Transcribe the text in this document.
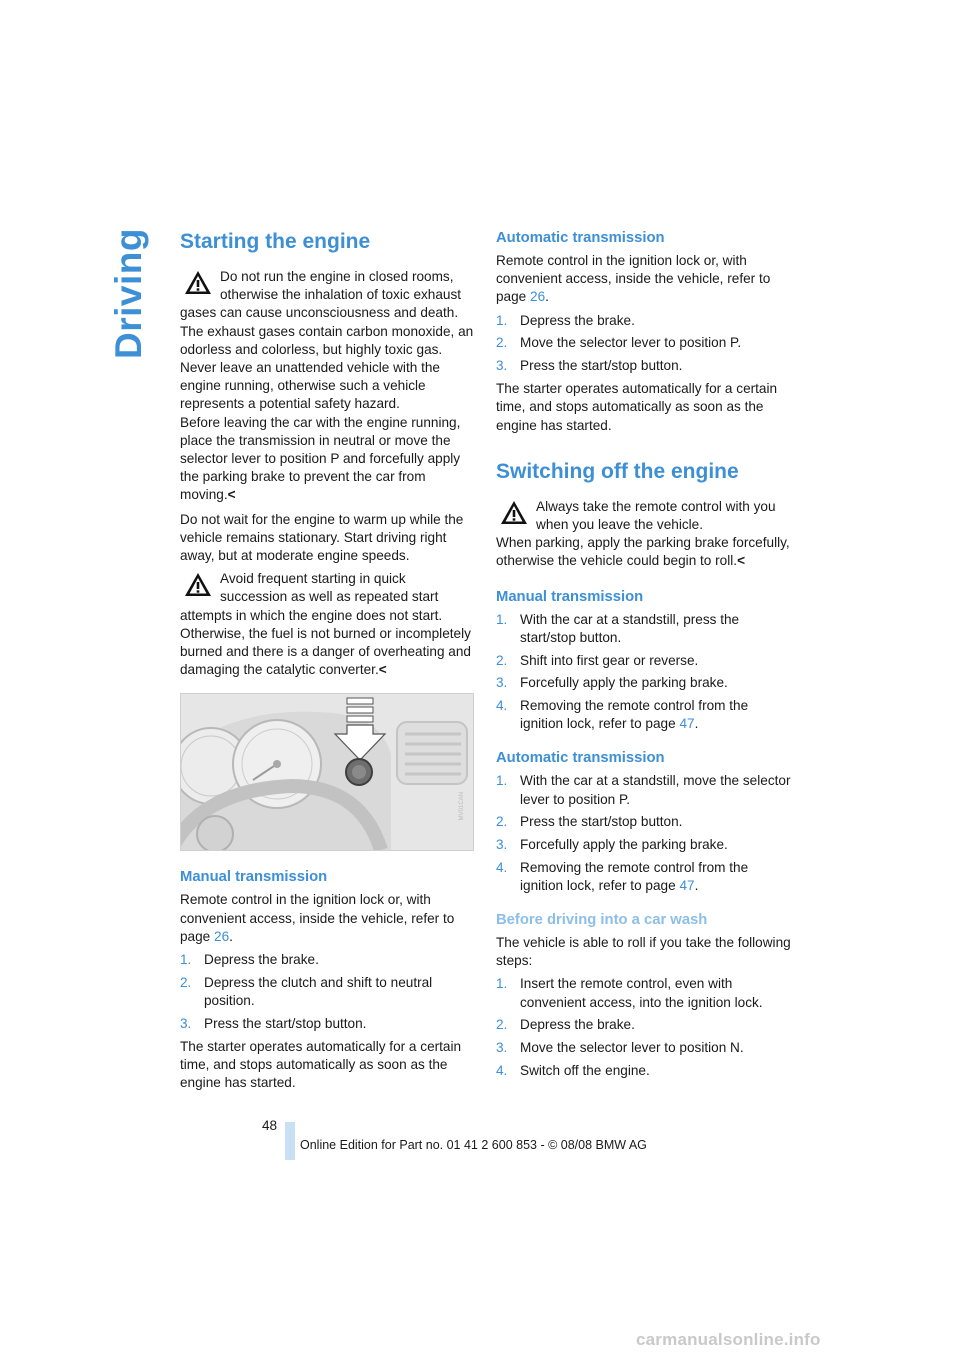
Driving Starting the engine

Do not run the engine in closed rooms, otherwise the inhalation of toxic exhaust gases can cause unconsciousness and death. The exhaust gases contain carbon monoxide, an odorless and colorless, but highly toxic gas. Never leave an unattended vehicle with the engine running, otherwise such a vehicle represents a potential safety hazard.

Before leaving the car with the engine running, place the transmission in neutral or move the selector lever to position P and forcefully apply the parking brake to prevent the car from moving.<

Do not wait for the engine to warm up while the vehicle remains stationary. Start driving right away, but at moderate engine speeds.

Avoid frequent starting in quick succession as well as repeated start attempts in which the engine does not start. Otherwise, the fuel is not burned or incompletely burned and there is a danger of overheating and damaging the catalytic converter.<

MV01CAN
Manual transmission

Remote control in the ignition lock or, with convenient access, inside the vehicle, refer to page 26.

1. Depress the brake.
2. Depress the clutch and shift to neutral position.
3. Press the start/stop button.

The starter operates automatically for a certain time, and stops automatically as soon as the engine has started.

Automatic transmission

Remote control in the ignition lock or, with convenient access, inside the vehicle, refer to page 26.

1. Depress the brake.
2. Move the selector lever to position P.
3. Press the start/stop button.

The starter operates automatically for a certain time, and stops automatically as soon as the engine has started.

Switching off the engine

Always take the remote control with you when you leave the vehicle.

When parking, apply the parking brake forcefully, otherwise the vehicle could begin to roll.<

Manual transmission
1. With the car at a standstill, press the start/stop button.
2. Shift into first gear or reverse.
3. Forcefully apply the parking brake.
4. Removing the remote control from the ignition lock, refer to page 47.
Automatic transmission
1. With the car at a standstill, move the selector lever to position P.
2. Press the start/stop button.
3. Forcefully apply the parking brake.
4. Removing the remote control from the ignition lock, refer to page 47.
Before driving into a car wash

The vehicle is able to roll if you take the following steps:

1. Insert the remote control, even with convenient access, into the ignition lock.
2. Depress the brake.
3. Move the selector lever to position N.
4. Switch off the engine.
48
Online Edition for Part no. 01 41 2 600 853 - © 08/08 BMW AG
carmanualsonline.info
